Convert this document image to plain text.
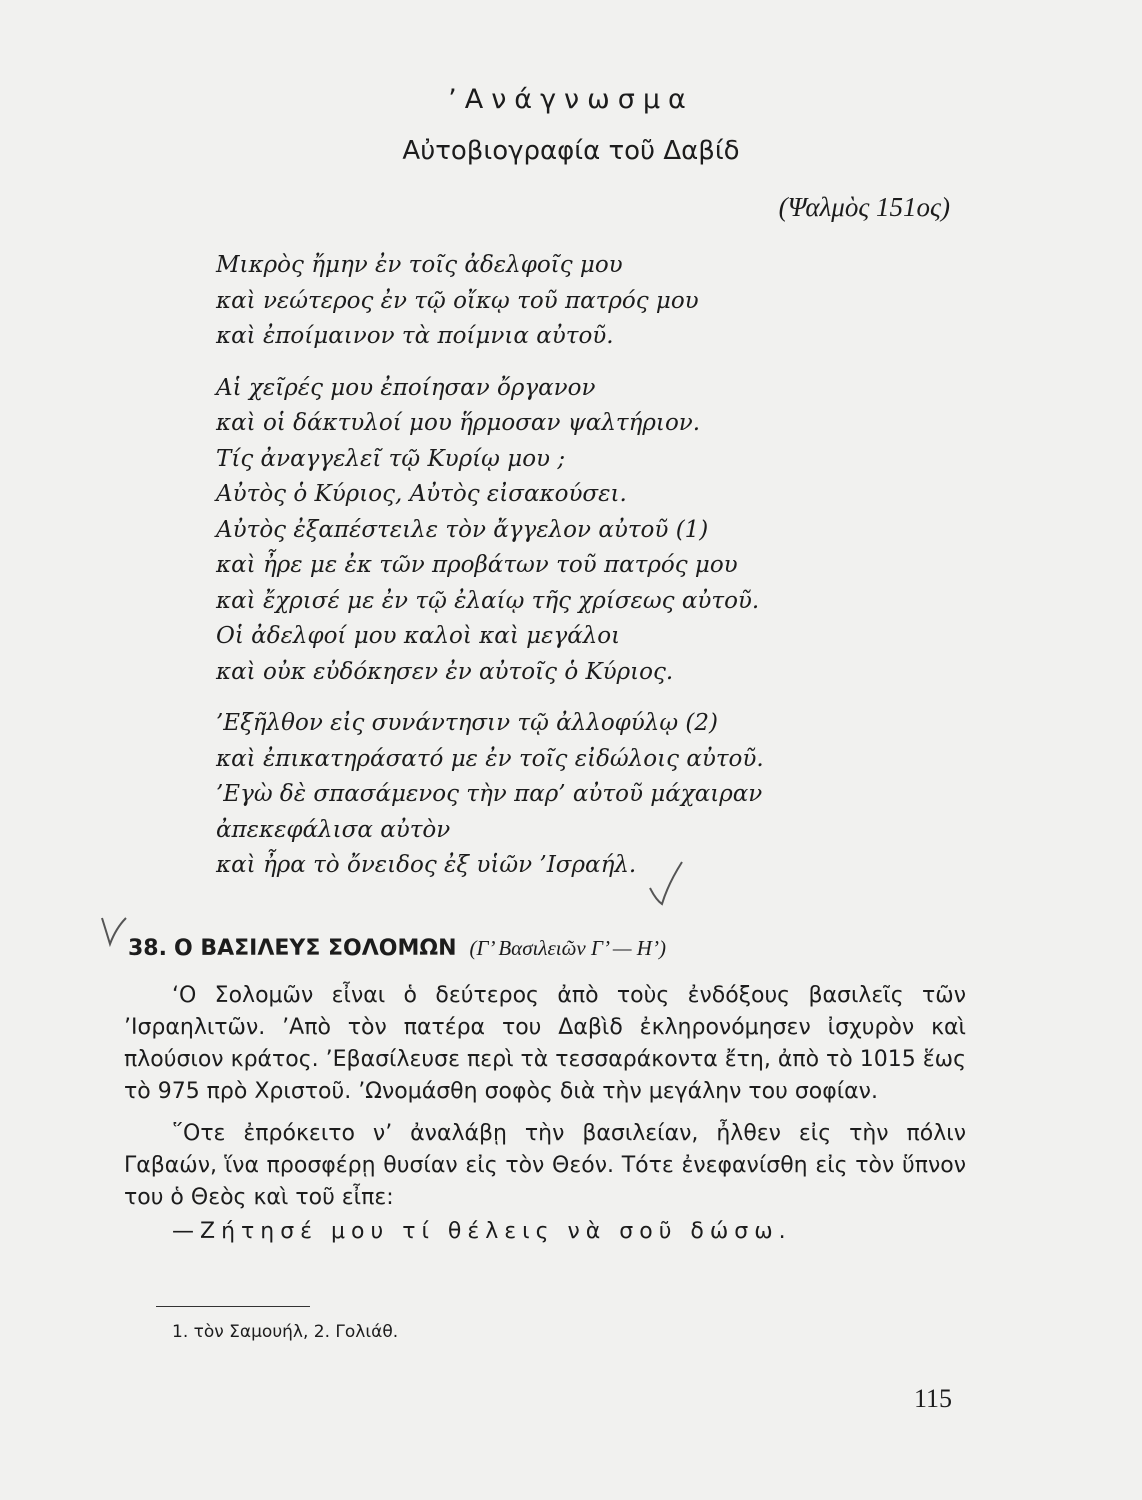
’Ανάγνωσμα
Αὐτοβιογραφία τοῦ Δαβίδ
(Ψαλμὸς 151ος)
Μικρὸς ἤμην ἐν τοῖς ἀδελφοῖς μου
καὶ νεώτερος ἐν τῷ οἴκῳ τοῦ πατρός μου
καὶ ἐποίμαινον τὰ ποίμνια αὐτοῦ.
Αἱ χεῖρές μου ἐποίησαν ὄργανον
καὶ οἱ δάκτυλοί μου ἥρμοσαν ψαλτήριον.
Τίς ἀναγγελεῖ τῷ Κυρίῳ μου ;
Αὐτὸς ὁ Κύριος, Αὐτὸς εἰσακούσει.
Αὐτὸς ἐξαπέστειλε τὸν ἄγγελον αὐτοῦ (1)
καὶ ἦρε με ἐκ τῶν προβάτων τοῦ πατρός μου
καὶ ἔχρισέ με ἐν τῷ ἐλαίῳ τῆς χρίσεως αὐτοῦ.
Οἱ ἀδελφοί μου καλοὶ καὶ μεγάλοι
καὶ οὐκ εὐδόκησεν ἐν αὐτοῖς ὁ Κύριος.
’Εξῆλθον εἰς συνάντησιν τῷ ἀλλοφύλῳ (2)
καὶ ἐπικατηράσατό με ἐν τοῖς εἰδώλοις αὐτοῦ.
’Εγὼ δὲ σπασάμενος τὴν παρ’ αὐτοῦ μάχαιραν
ἀπεκεφάλισα αὐτὸν
καὶ ἦρα τὸ ὄνειδος ἐξ υἱῶν ’Ισραήλ.
38. Ο ΒΑΣΙΛΕΥΣ ΣΟΛΟΜΩΝ (Γ’ Βασιλειῶν Γ’ — Η’)

‘Ο Σολομῶν εἶναι ὁ δεύτερος ἀπὸ τοὺς ἐνδόξους βασιλεῖς τῶν ’Ισραηλιτῶν. ’Απὸ τὸν πατέρα του Δαβὶδ ἐκληρονόμησεν ἰσχυρὸν καὶ πλούσιον κράτος. ’Εβασίλευσε περὶ τὰ τεσσαράκοντα ἔτη, ἀπὸ τὸ 1015 ἕως τὸ 975 πρὸ Χριστοῦ. ’Ωνομάσθη σοφὸς διὰ τὴν μεγάλην του σοφίαν.

῞Οτε ἐπρόκειτο ν’ ἀναλάβῃ τὴν βασιλείαν, ἦλθεν εἰς τὴν πόλιν Γαβαών, ἵνα προσφέρῃ θυσίαν εἰς τὸν Θεόν. Τότε ἐνεφανίσθη εἰς τὸν ὕπνον του ὁ Θεὸς καὶ τοῦ εἶπε:

—Ζήτησέ μου τί θέλεις νὰ σοῦ δώσω.

1. τὸν Σαμουήλ, 2. Γολιάθ.
115
